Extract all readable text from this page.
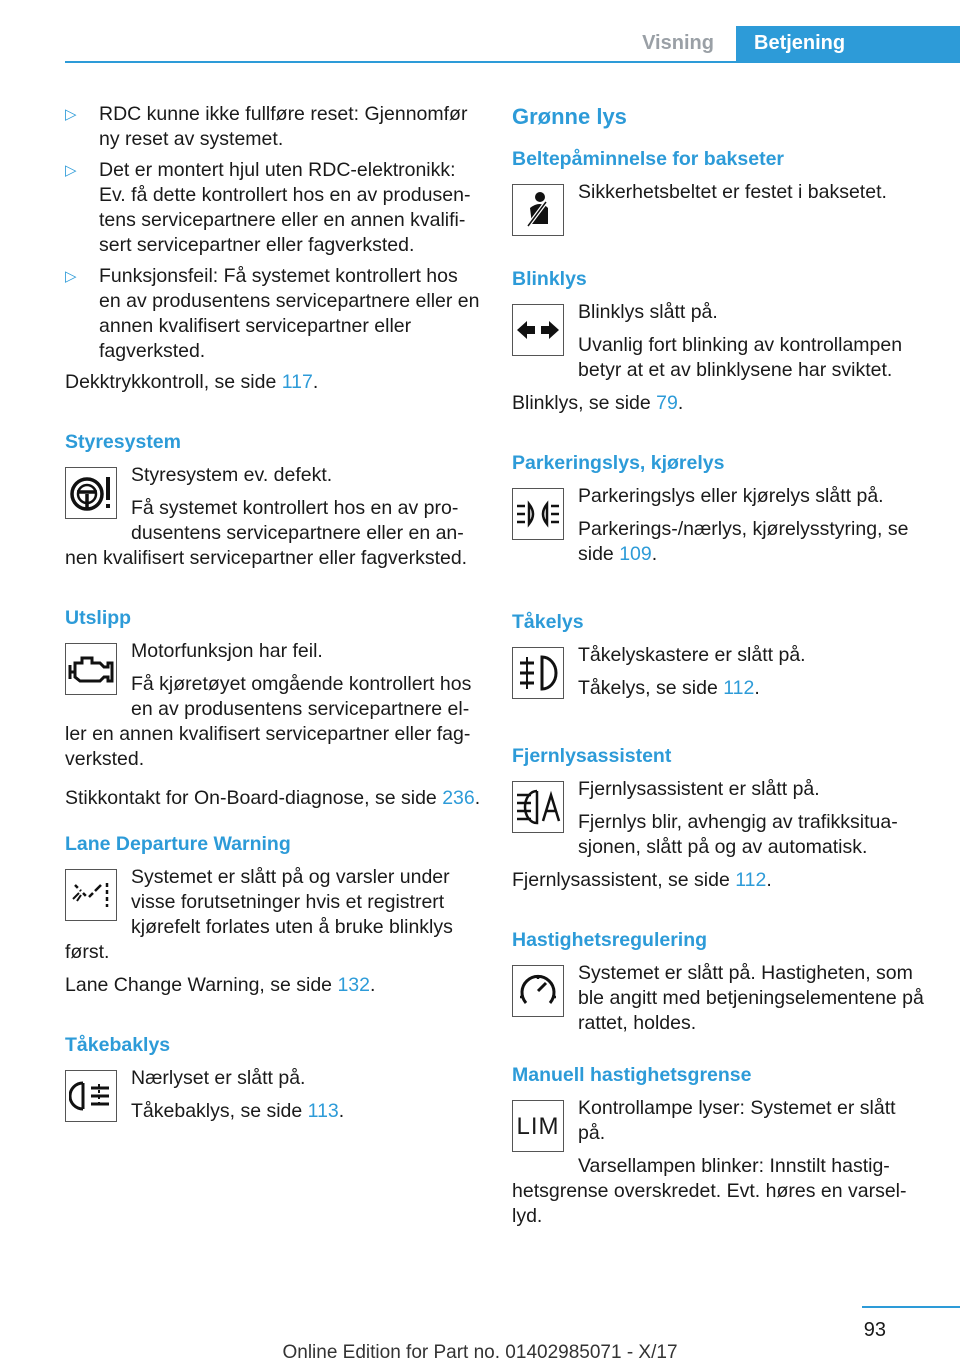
Visning	Betjening
▷ RDC kunne ikke fullføre reset: Gjennomfør ny reset av systemet.
▷ Det er montert hjul uten RDC-elektronikk: Ev. få dette kontrollert hos en av produsentens servicepartnere eller en annen kvalifisert servicepartner eller fagverksted.
▷ Funksjonsfeil: Få systemet kontrollert hos en av produsentens servicepartnere eller en annen kvalifisert servicepartner eller fagverksted.

Dekktrykkontroll, se side 117.

Styresystem

Styresystem ev. defekt.

Få systemet kontrollert hos en av produsentens servicepartnere eller en annen kvalifisert servicepartner eller fagverksted.

Utslipp

Motorfunksjon har feil.

Få kjøretøyet omgående kontrollert hos en av produsentens servicepartnere eller en annen kvalifisert servicepartner eller fagverksted.

Stikkontakt for On-Board-diagnose, se side 236.

Lane Departure Warning

Systemet er slått på og varsler under visse forutsetninger hvis et registrert kjørefelt forlates uten å bruke blinklys først.

Lane Change Warning, se side 132.

Tåkebaklys

Nærlyset er slått på.

Tåkebaklys, se side 113.

Grønne lys
Beltepåminnelse for bakseter

Sikkerhetsbeltet er festet i baksetet.

Blinklys

Blinklys slått på.

Uvanlig fort blinking av kontrollampen betyr at et av blinklysene har sviktet.

Blinklys, se side 79.

Parkeringslys, kjørelys

Parkeringslys eller kjørelys slått på.

Parkerings-/nærlys, kjørelysstyring, se side 109.

Tåkelys

Tåkelyskastere er slått på.

Tåkelys, se side 112.

Fjernlysassistent

Fjernlysassistent er slått på.

Fjernlys blir, avhengig av trafikksituasjonen, slått på og av automatisk.

Fjernlysassistent, se side 112.

Hastighetsregulering

Systemet er slått på. Hastigheten, som ble angitt med betjeningselementene på rattet, holdes.

Manuell hastighetsgrense
LIM

Kontrollampe lyser: Systemet er slått på.

Varsellampen blinker: Innstilt hastighetsgrense overskredet. Evt. høres en varsellyd.

93
Online Edition for Part no. 01402985071 - X/17
